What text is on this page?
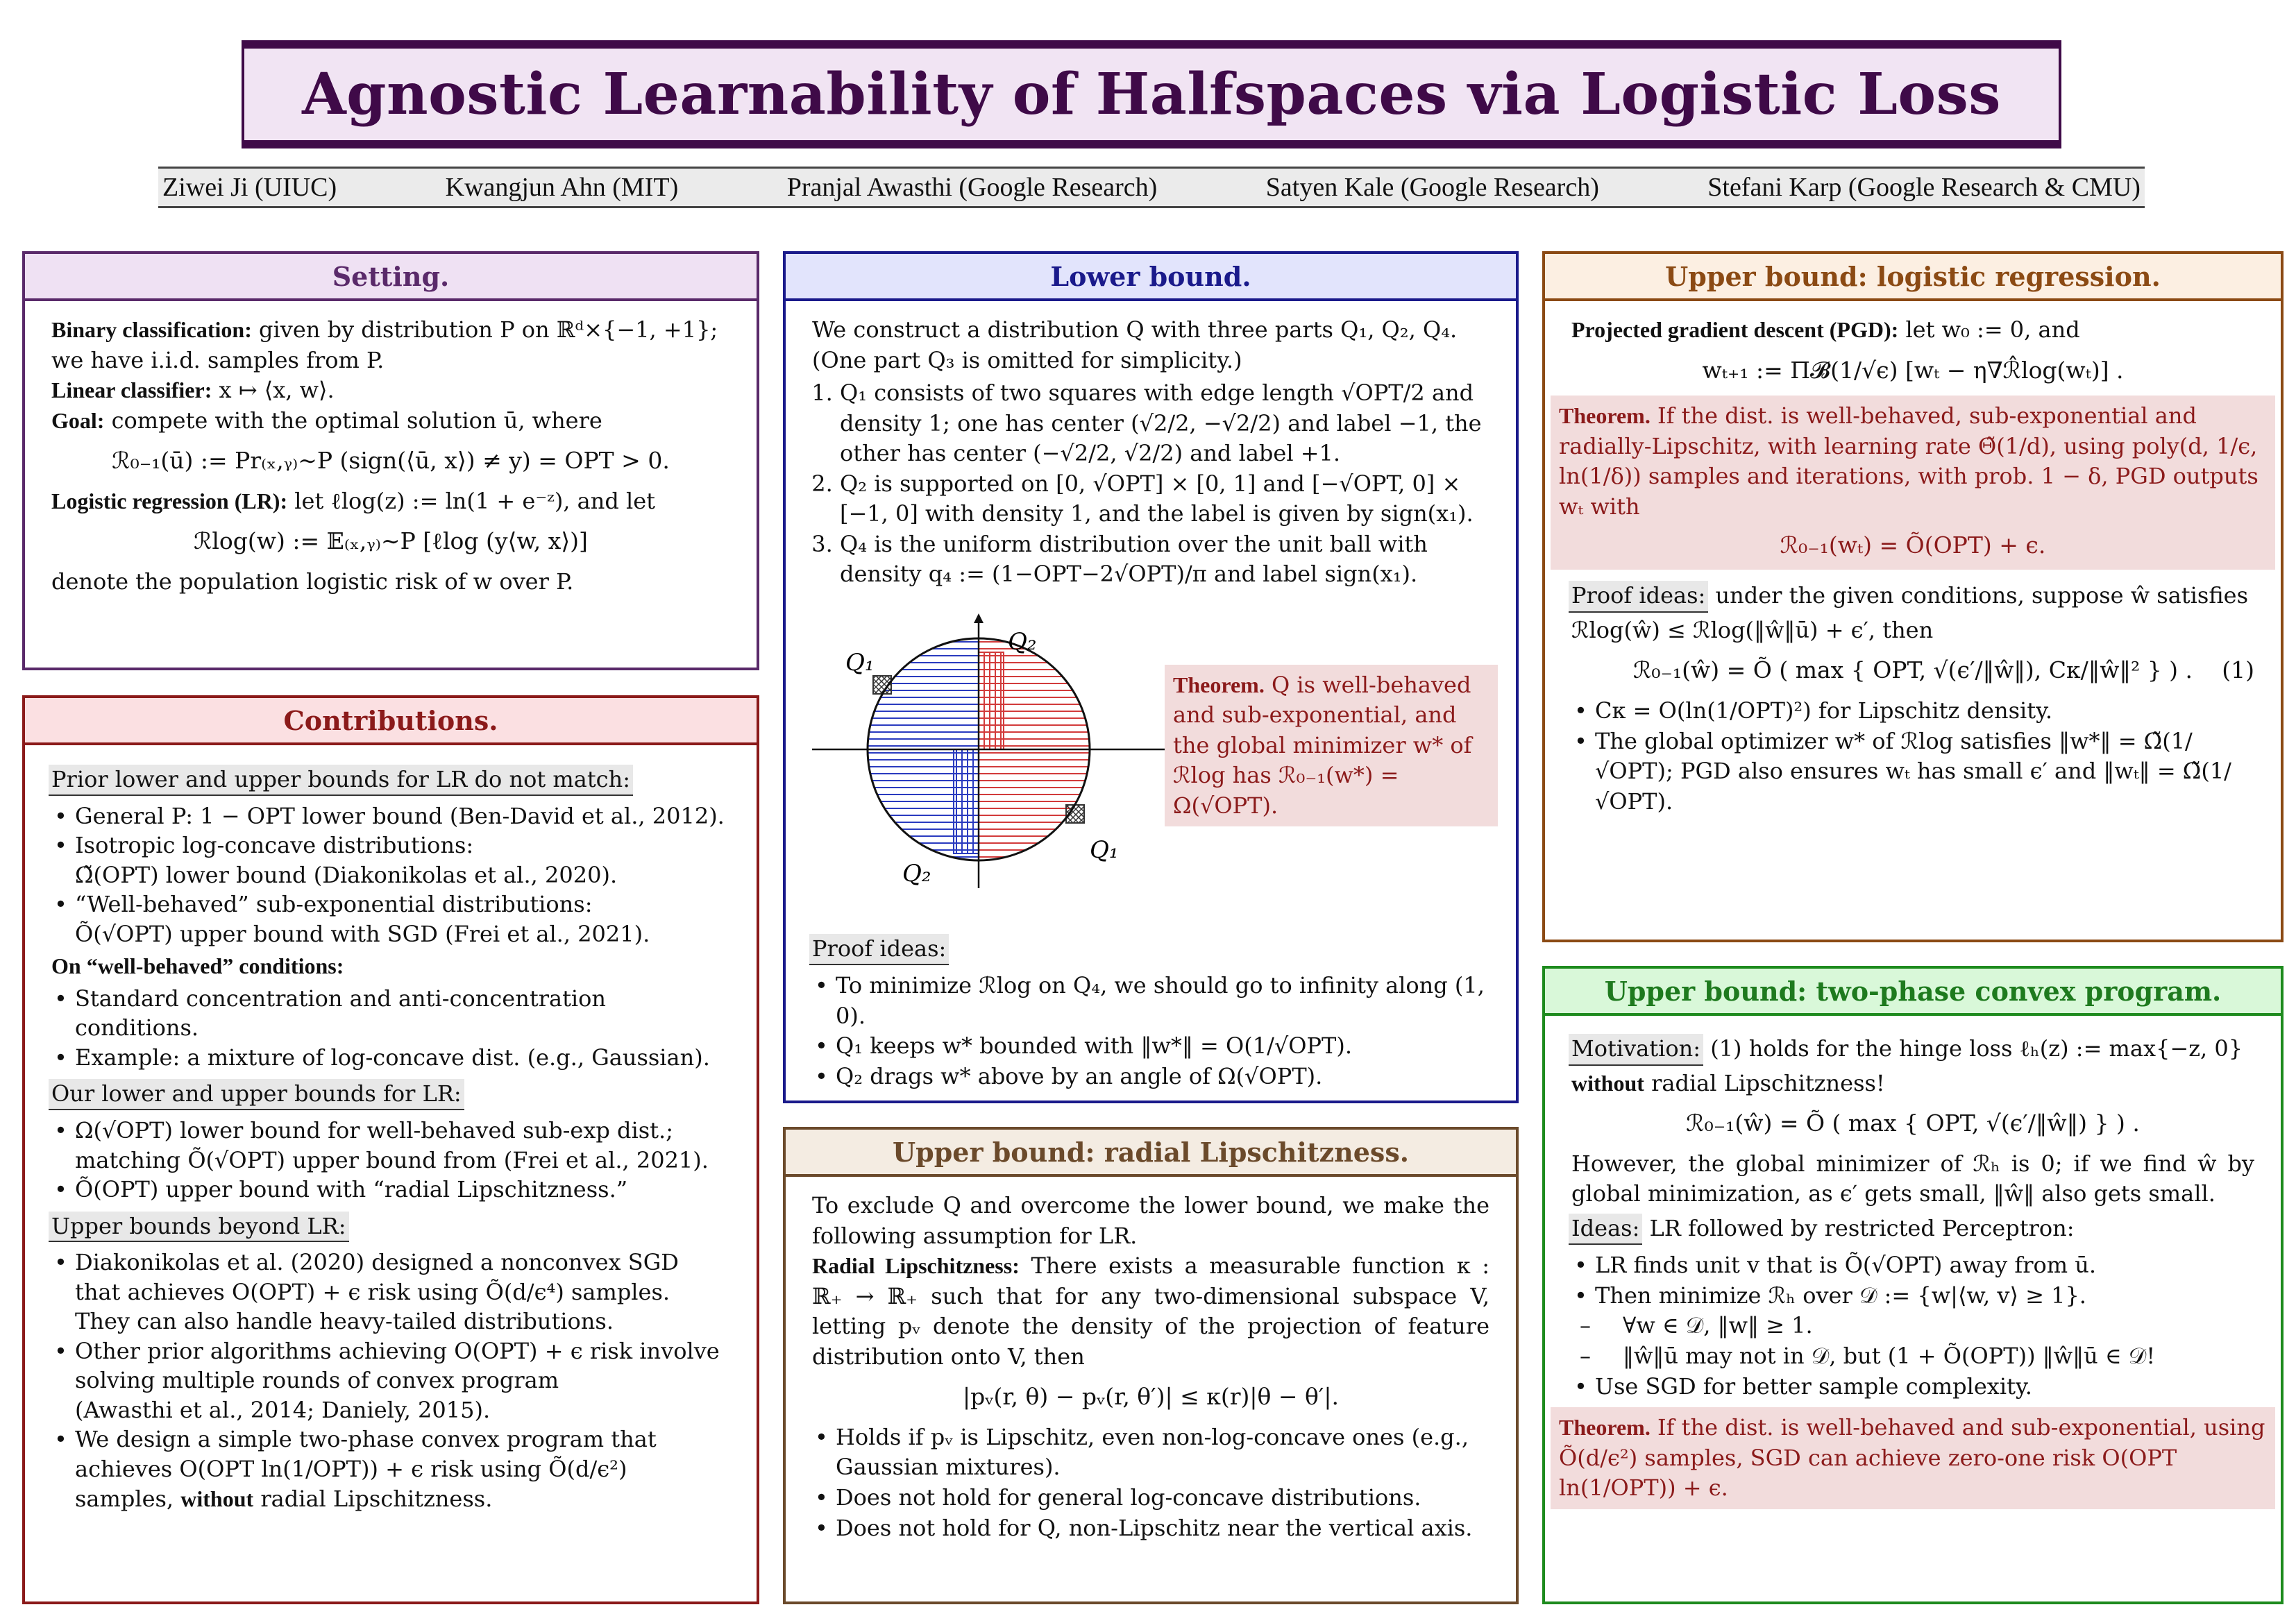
Agnostic Learnability of Halfspaces via Logistic Loss
Ziwei Ji (UIUC)	Kwangjun Ahn (MIT)	Pranjal Awasthi (Google Research)	Satyen Kale (Google Research)	Stefani Karp (Google Research & CMU)
Setting.

Binary classification: given by distribution P on ℝᵈ×{−1, +1}; we have i.i.d. samples from P.

Linear classifier: x ↦ ⟨x, w⟩.

Goal: compete with the optimal solution ū, where

ℛ₀₋₁(ū) := Pr₍ₓ,ᵧ₎∼P (sign(⟨ū, x⟩) ≠ y) = OPT > 0.

Logistic regression (LR): let ℓlog(z) := ln(1 + e⁻ᶻ), and let

ℛlog(w) := 𝔼₍ₓ,ᵧ₎∼P [ℓlog (y⟨w, x⟩)]

denote the population logistic risk of w over P.

Contributions.
Prior lower and upper bounds for LR do not match:
• General P: 1 − OPT lower bound (Ben-David et al., 2012).
• Isotropic log-concave distributions:
Ω̃(OPT) lower bound (Diakonikolas et al., 2020).
• “Well-behaved” sub-exponential distributions:
Õ(√OPT) upper bound with SGD (Frei et al., 2021).

On “well-behaved” conditions:

• Standard concentration and anti-concentration conditions.
• Example: a mixture of log-concave dist. (e.g., Gaussian).
Our lower and upper bounds for LR:
• Ω(√OPT) lower bound for well-behaved sub-exp dist.;
matching Õ(√OPT) upper bound from (Frei et al., 2021).
• Õ(OPT) upper bound with “radial Lipschitzness.”
Upper bounds beyond LR:
• Diakonikolas et al. (2020) designed a nonconvex SGD that achieves O(OPT) + ϵ risk using Õ(d/ϵ⁴) samples.
They can also handle heavy-tailed distributions.
• Other prior algorithms achieving O(OPT) + ϵ risk involve solving multiple rounds of convex program
(Awasthi et al., 2014; Daniely, 2015).
• We design a simple two-phase convex program that achieves O(OPT ln(1/OPT)) + ϵ risk using Õ(d/ϵ²) samples, without radial Lipschitzness.
Lower bound.

We construct a distribution Q with three parts Q₁, Q₂, Q₄. (One part Q₃ is omitted for simplicity.)

1. Q₁ consists of two squares with edge length √OPT/2 and density 1; one has center (√2/2, −√2/2) and label −1, the other has center (−√2/2, √2/2) and label +1.
2. Q₂ is supported on [0, √OPT] × [0, 1] and [−√OPT, 0] × [−1, 0] with density 1, and the label is given by sign(x₁).
3. Q₄ is the uniform distribution over the unit ball with density q₄ := (1−OPT−2√OPT)/π and label sign(x₁).
Q₁
Q₂
Q₂
Q₁
Theorem. Q is well-behaved and sub-exponential, and the global minimizer w* of ℛlog has ℛ₀₋₁(w*) = Ω(√OPT).
Proof ideas:
• To minimize ℛlog on Q₄, we should go to infinity along (1, 0).
• Q₁ keeps w* bounded with ‖w*‖ = O(1/√OPT).
• Q₂ drags w* above by an angle of Ω(√OPT).
Upper bound: radial Lipschitzness.

To exclude Q and overcome the lower bound, we make the following assumption for LR.

Radial Lipschitzness: There exists a measurable function κ : ℝ₊ → ℝ₊ such that for any two-dimensional subspace V, letting pᵥ denote the density of the projection of feature distribution onto V, then

|pᵥ(r, θ) − pᵥ(r, θ′)| ≤ κ(r)|θ − θ′|.
• Holds if pᵥ is Lipschitz, even non-log-concave ones (e.g., Gaussian mixtures).
• Does not hold for general log-concave distributions.
• Does not hold for Q, non-Lipschitz near the vertical axis.
Upper bound: logistic regression.

Projected gradient descent (PGD): let w₀ := 0, and

wₜ₊₁ := Π𝓑(1/√ϵ) [wₜ − η∇ℛ̂log(wₜ)] .
Theorem. If the dist. is well-behaved, sub-exponential and radially-Lipschitz, with learning rate Θ̃(1/d), using poly(d, 1/ϵ, ln(1/δ)) samples and iterations, with prob. 1 − δ, PGD outputs wₜ with
ℛ₀₋₁(wₜ) = Õ(OPT) + ϵ.

Proof ideas: under the given conditions, suppose ŵ satisfies ℛlog(ŵ) ≤ ℛlog(‖ŵ‖ū) + ϵ′, then

ℛ₀₋₁(ŵ) = Õ ( max { OPT, √(ϵ′/‖ŵ‖), Cκ/‖ŵ‖² } ) . (1)
• Cκ = O(ln(1/OPT)²) for Lipschitz density.
• The global optimizer w* of ℛlog satisfies ‖w*‖ = Ω̃(1/√OPT); PGD also ensures wₜ has small ϵ′ and ‖wₜ‖ = Ω̃(1/√OPT).
Upper bound: two-phase convex program.

Motivation: (1) holds for the hinge loss ℓₕ(z) := max{−z, 0}
without radial Lipschitzness!

ℛ₀₋₁(ŵ) = Õ ( max { OPT, √(ϵ′/‖ŵ‖) } ) .

However, the global minimizer of ℛₕ is 0; if we find ŵ by global minimization, as ϵ′ gets small, ‖ŵ‖ also gets small.

Ideas: LR followed by restricted Perceptron:

• LR finds unit v that is Õ(√OPT) away from ū.
• Then minimize ℛₕ over 𝒟 := {w|⟨w, v⟩ ≥ 1}.
– ∀w ∈ 𝒟, ‖w‖ ≥ 1.
– ‖ŵ‖ū may not in 𝒟, but (1 + Õ(OPT)) ‖ŵ‖ū ∈ 𝒟!
• Use SGD for better sample complexity.
Theorem. If the dist. is well-behaved and sub-exponential, using Õ(d/ϵ²) samples, SGD can achieve zero-one risk O(OPT ln(1/OPT)) + ϵ.
